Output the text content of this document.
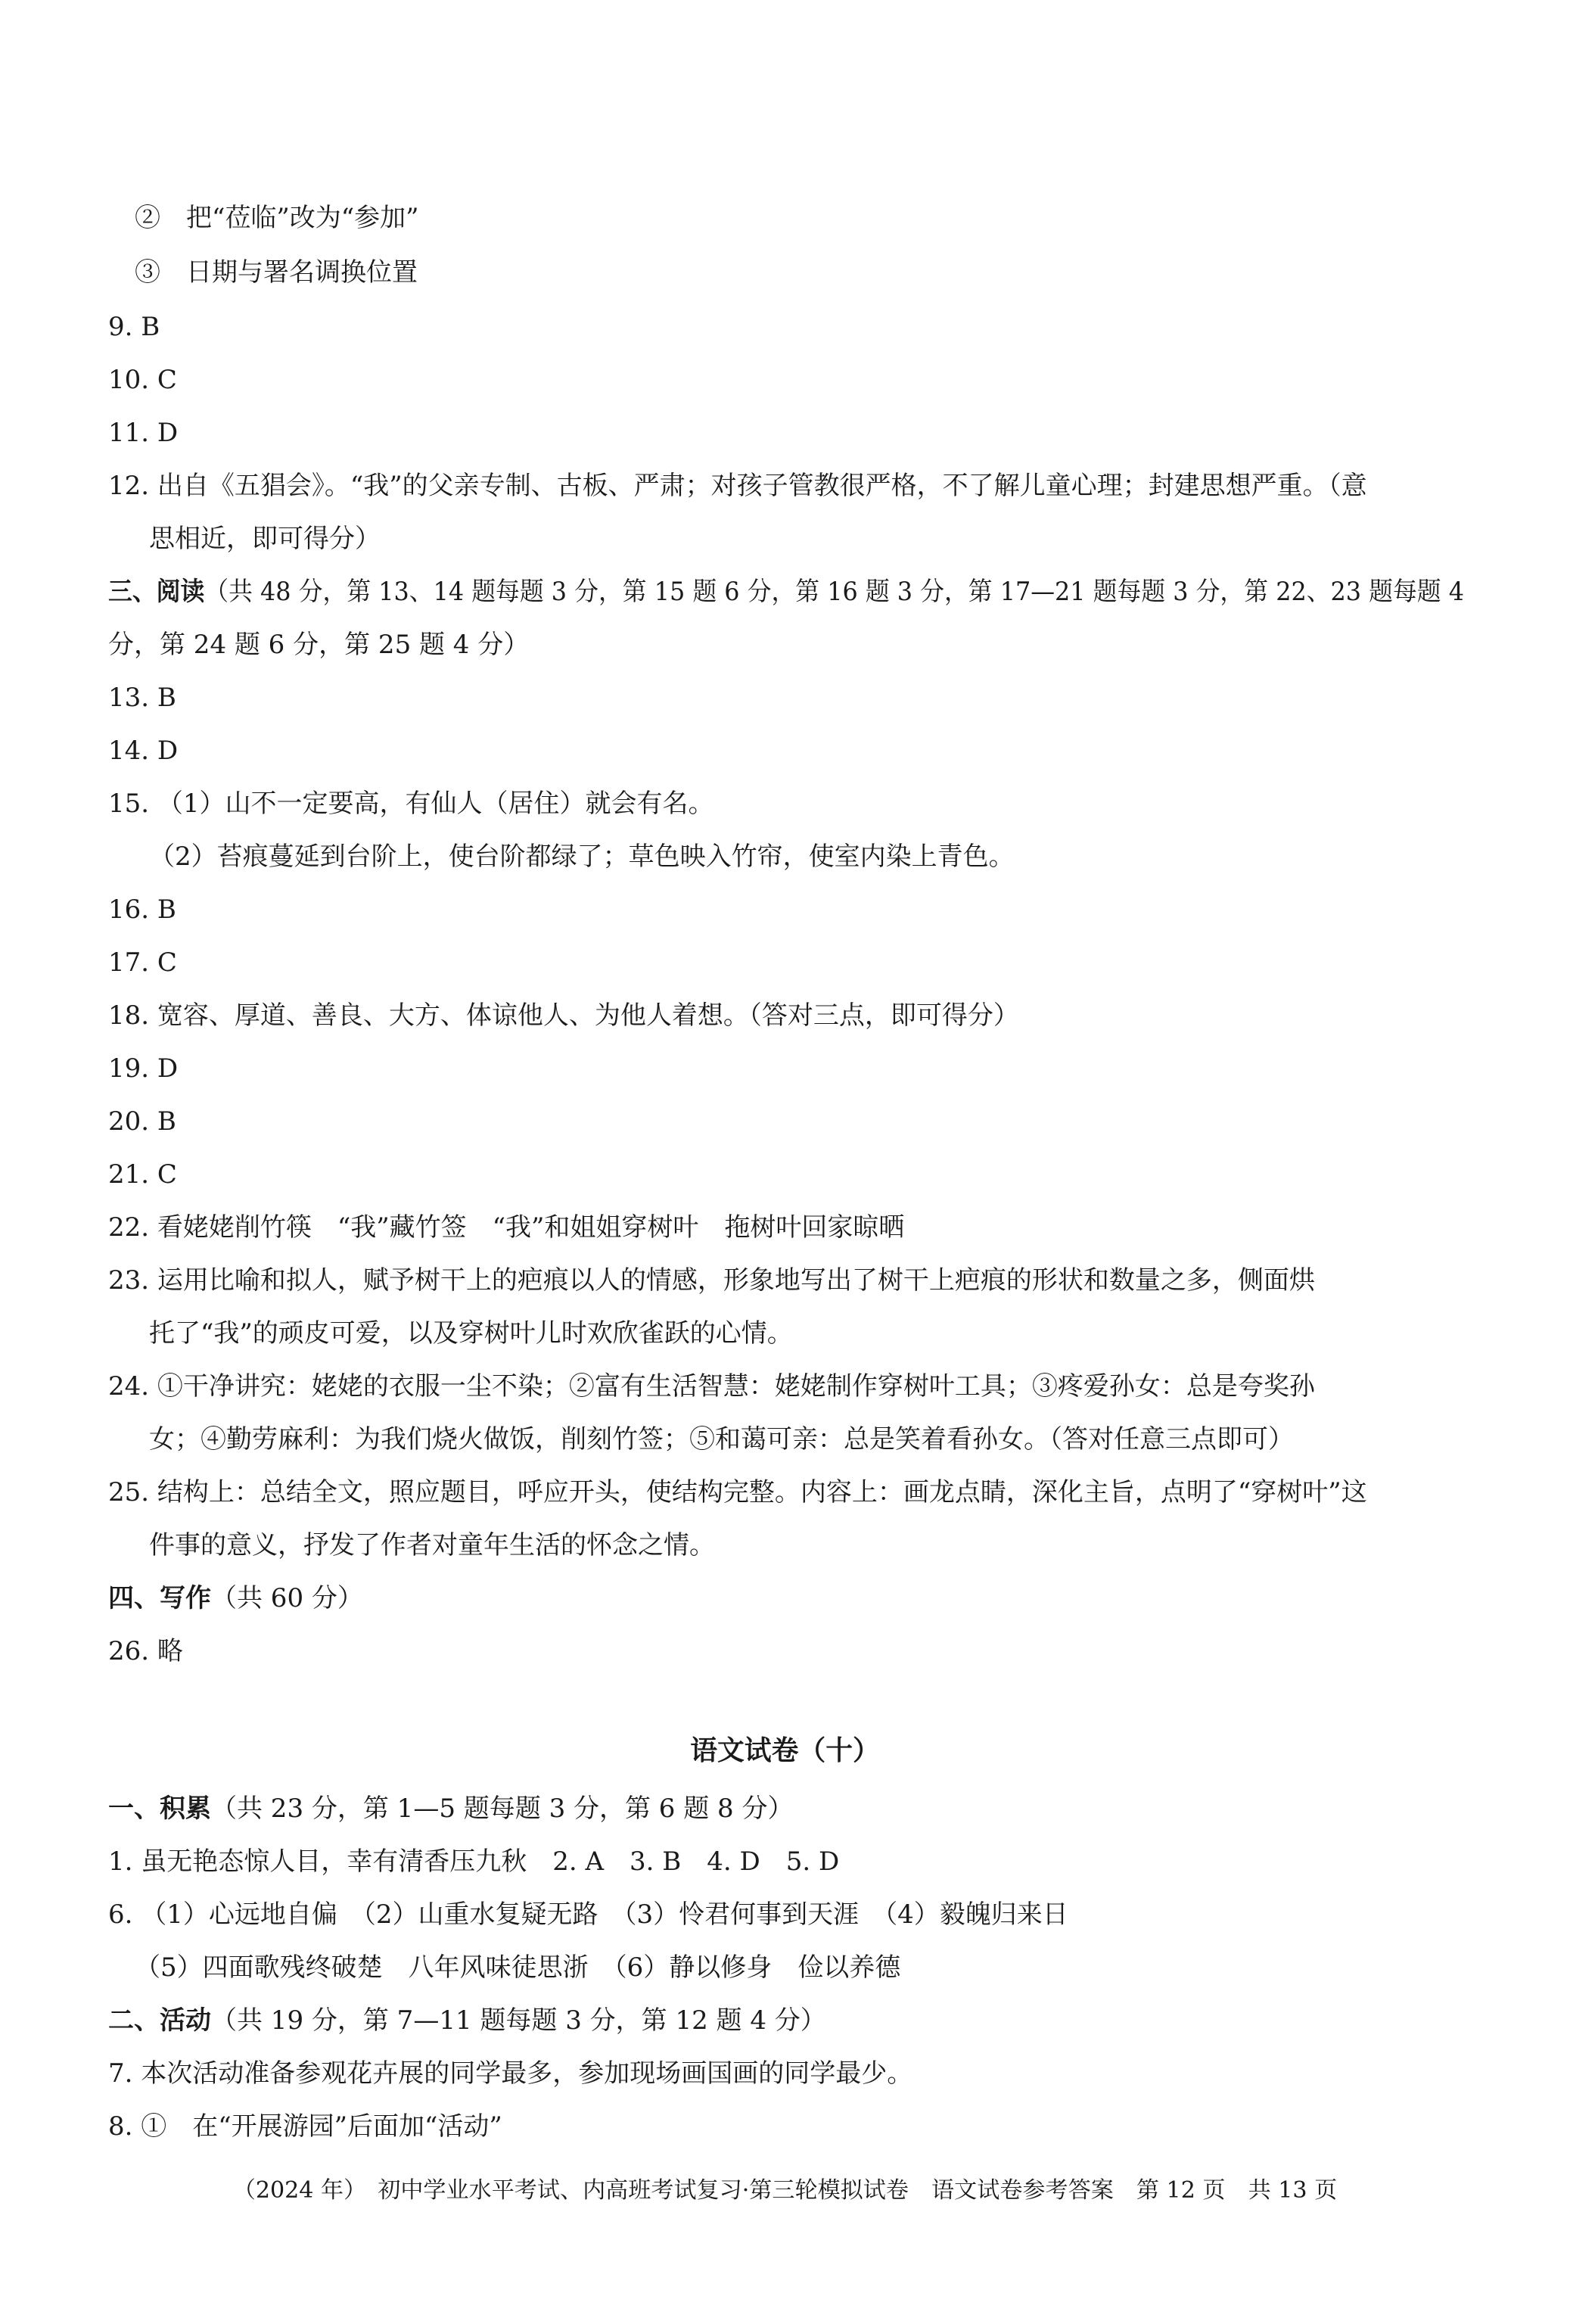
②　把“莅临”改为“参加”
③　日期与署名调换位置
9. B
10. C
11. D
12. 出自《五猖会》。“我”的父亲专制、古板、严肃；对孩子管教很严格，不了解儿童心理；封建思想严重。（意
思相近，即可得分）
三、阅读（共 48 分，第 13、14 题每题 3 分，第 15 题 6 分，第 16 题 3 分，第 17—21 题每题 3 分，第 22、23 题每题 4
分，第 24 题 6 分，第 25 题 4 分）
13. B
14. D
15. （1）山不一定要高，有仙人（居住）就会有名。
（2）苔痕蔓延到台阶上，使台阶都绿了；草色映入竹帘，使室内染上青色。
16. B
17. C
18. 宽容、厚道、善良、大方、体谅他人、为他人着想。（答对三点，即可得分）
19. D
20. B
21. C
22. 看姥姥削竹筷　“我”藏竹签　“我”和姐姐穿树叶　拖树叶回家晾晒
23. 运用比喻和拟人，赋予树干上的疤痕以人的情感，形象地写出了树干上疤痕的形状和数量之多，侧面烘
托了“我”的顽皮可爱，以及穿树叶儿时欢欣雀跃的心情。
24. ①干净讲究：姥姥的衣服一尘不染；②富有生活智慧：姥姥制作穿树叶工具；③疼爱孙女：总是夸奖孙
女；④勤劳麻利：为我们烧火做饭，削刻竹签；⑤和蔼可亲：总是笑着看孙女。（答对任意三点即可）
25. 结构上：总结全文，照应题目，呼应开头，使结构完整。内容上：画龙点睛，深化主旨，点明了“穿树叶”这
件事的意义，抒发了作者对童年生活的怀念之情。
四、写作（共 60 分）
26. 略
语文试卷（十）
一、积累（共 23 分，第 1—5 题每题 3 分，第 6 题 8 分）
1. 虽无艳态惊人目，幸有清香压九秋　2. A　3. B　4. D　5. D
6. （1）心远地自偏　（2）山重水复疑无路　（3）怜君何事到天涯　（4）毅魄归来日
（5）四面歌残终破楚　八年风味徒思浙　（6）静以修身　俭以养德
二、活动（共 19 分，第 7—11 题每题 3 分，第 12 题 4 分）
7. 本次活动准备参观花卉展的同学最多，参加现场画国画的同学最少。
8. ①　在“开展游园”后面加“活动”
（2024 年）　初中学业水平考试、内高班考试复习·第三轮模拟试卷　语文试卷参考答案　第 12 页　共 13 页
